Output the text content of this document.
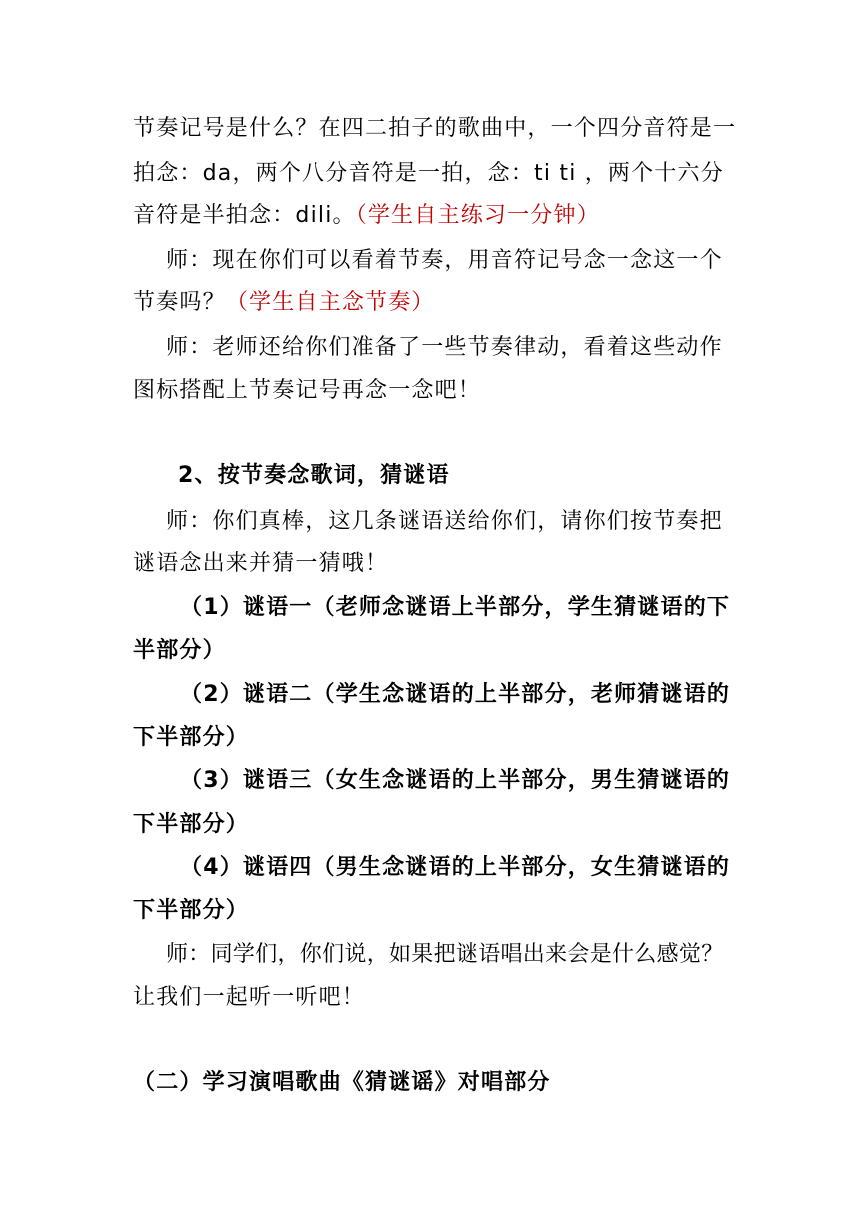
节奏记号是什么？在四二拍子的歌曲中，一个四分音符是一
拍念：da，两个八分音符是一拍，念：ti ti ，两个十六分
音符是半拍念：dili。（学生自主练习一分钟）
师：现在你们可以看着节奏，用音符记号念一念这一个
节奏吗？（学生自主念节奏）
师：老师还给你们准备了一些节奏律动，看着这些动作
图标搭配上节奏记号再念一念吧！
2、按节奏念歌词，猜谜语
师：你们真棒，这几条谜语送给你们，请你们按节奏把
谜语念出来并猜一猜哦！
（1）谜语一（老师念谜语上半部分，学生猜谜语的下
半部分）
（2）谜语二（学生念谜语的上半部分，老师猜谜语的
下半部分）
（3）谜语三（女生念谜语的上半部分，男生猜谜语的
下半部分）
（4）谜语四（男生念谜语的上半部分，女生猜谜语的
下半部分）
师：同学们，你们说，如果把谜语唱出来会是什么感觉？
让我们一起听一听吧！
（二）学习演唱歌曲《猜谜谣》对唱部分
